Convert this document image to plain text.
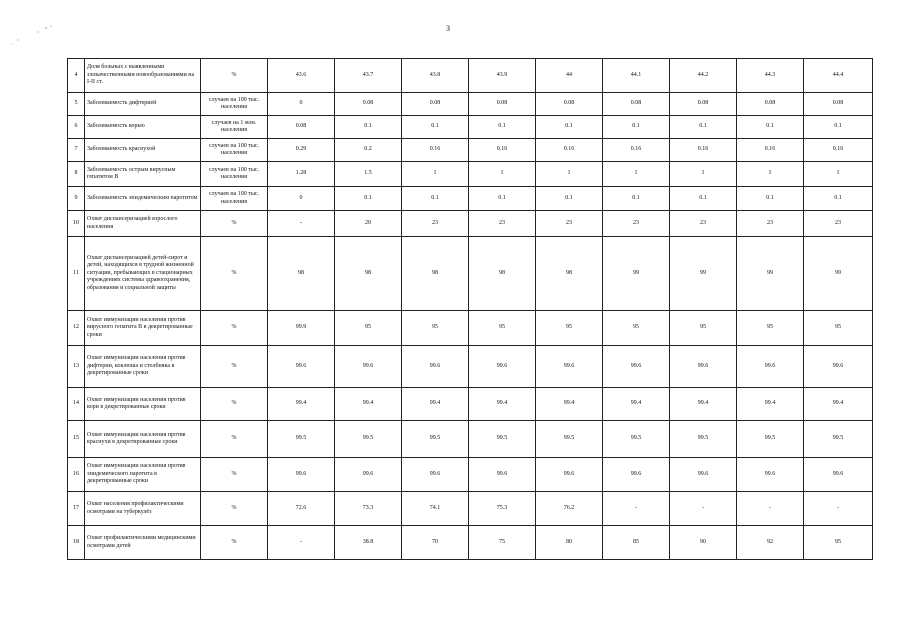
3
4	Доля больных с выявленными злокачественными новообразованиями на I-II ст.	%	43.6	43.7	43.8	43.9	44	44.1	44.2	44.3	44.4
5	Заболеваемость дифтерией	случаев на 100 тыс. населения	0	0.08	0.08	0.08	0.08	0.08	0.08	0.08	0.08
6	Заболеваемость корью	случаев на 1 млн. населения	0.08	0.1	0.1	0.1	0.1	0.1	0.1	0.1	0.1
7	Заболеваемость краснухой	случаев на 100 тыс. населения	0.29	0.2	0.16	0.16	0.16	0.16	0.16	0.16	0.16
8	Заболеваемость острым вирусным гепатитом В	случаев на 100 тыс. населения	1.28	1.5	1	1	1	1	1	1	1
9	Заболеваемость эпидемическим паротитом	случаев на 100 тыс. населения	0	0.1	0.1	0.1	0.1	0.1	0.1	0.1	0.1
10	Охват диспансеризацией взрослого населения	%	-	20	23	23	23	23	23	23	23
11	Охват диспансеризацией детей-сирот и детей, находящихся в трудной жизненной ситуации, пребывающих в стационарных учреждениях системы здравоохранения, образования и социальной защиты	%	98	98	98	98	98	99	99	99	99
12	Охват иммунизации населения против вирусного гепатита В в декретированные сроки	%	99.9	95	95	95	95	95	95	95	95
13	Охват иммунизации населения против дифтерии, коклюша и столбняка в декретированные сроки	%	99.6	99.6	99.6	99.6	99.6	99.6	99.6	99.6	99.6
14	Охват иммунизации населения против кори в декретированные сроки	%	99.4	99.4	99.4	99.4	99.4	99.4	99.4	99.4	99.4
15	Охват иммунизации населения против краснухи в декретированные сроки	%	99.5	99.5	99.5	99.5	99.5	99.5	99.5	99.5	99.5
16	Охват иммунизации населения против эпидемического паротита в декретированные сроки	%	99.6	99.6	99.6	99.6	99.6	99.6	99.6	99.6	99.6
17	Охват населения профилактическими осмотрами на туберкулёз	%	72.6	73.3	74.1	75.3	76.2	-	-	-	-
18	Охват профилактическими медицинскими осмотрами детей	%	-	38.8	70	75	80	85	90	92	95
